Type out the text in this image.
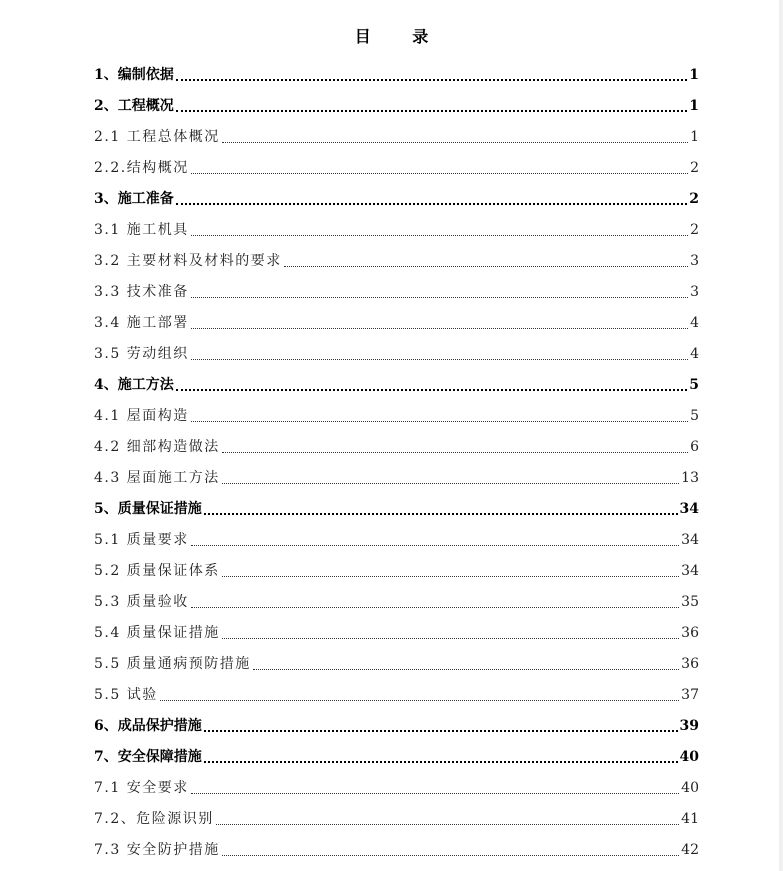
目 录
1、编制依据	1
2、工程概况	1
2.1 工程总体概况	1
2.2.结构概况	2
3、施工准备	2
3.1 施工机具	2
3.2 主要材料及材料的要求	3
3.3 技术准备	3
3.4 施工部署	4
3.5 劳动组织	4
4、施工方法	5
4.1 屋面构造	5
4.2 细部构造做法	6
4.3 屋面施工方法	13
5、质量保证措施	34
5.1 质量要求	34
5.2 质量保证体系	34
5.3 质量验收	35
5.4 质量保证措施	36
5.5 质量通病预防措施	36
5.5 试验	37
6、成品保护措施	39
7、安全保障措施	40
7.1 安全要求	40
7.2、危险源识别	41
7.3 安全防护措施	42
